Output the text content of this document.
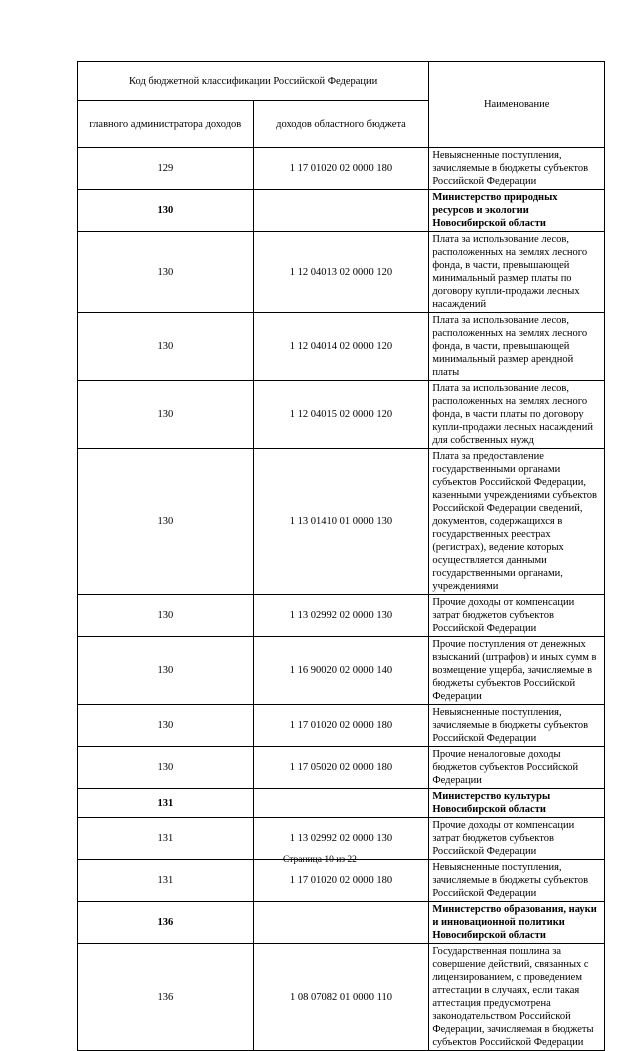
Код бюджетной классификации Российской Федерации		Наименование
главного администратора доходов	доходов областного бюджета	
129	1 17 01020 02 0000 180	Невыясненные поступления, зачисляемые в бюджеты субъектов Российской Федерации
130		Министерство природных ресурсов и экологии Новосибирской области
130	1 12 04013 02 0000 120	Плата за использование лесов, расположенных на землях лесного фонда, в части, превышающей минимальный размер платы по договору купли-продажи лесных насаждений
130	1 12 04014 02 0000 120	Плата за использование лесов, расположенных на землях лесного фонда, в части, превышающей минимальный размер арендной платы
130	1 12 04015 02 0000 120	Плата за использование лесов, расположенных на землях лесного фонда, в части платы по договору купли-продажи лесных насаждений для собственных нужд
130	1 13 01410 01 0000 130	Плата за предоставление государственными органами субъектов Российской Федерации, казенными учреждениями субъектов Российской Федерации сведений, документов, содержащихся в государственных реестрах (регистрах), ведение которых осуществляется данными государственными органами, учреждениями
130	1 13 02992 02 0000 130	Прочие доходы от компенсации затрат бюджетов субъектов Российской Федерации
130	1 16 90020 02 0000 140	Прочие поступления от денежных взысканий (штрафов) и иных сумм в возмещение ущерба, зачисляемые в бюджеты субъектов Российской Федерации
130	1 17 01020 02 0000 180	Невыясненные поступления, зачисляемые в бюджеты субъектов Российской Федерации
130	1 17 05020 02 0000 180	Прочие неналоговые доходы бюджетов субъектов Российской Федерации
131		Министерство культуры Новосибирской области
131	1 13 02992 02 0000 130	Прочие доходы от компенсации затрат бюджетов субъектов Российской Федерации
131	1 17 01020 02 0000 180	Невыясненные поступления, зачисляемые в бюджеты субъектов Российской Федерации
136		Министерство образования, науки и инновационной политики Новосибирской области
136	1 08 07082 01 0000 110	Государственная пошлина за совершение действий, связанных с лицензированием, с проведением аттестации в случаях, если такая аттестация предусмотрена законодательством Российской Федерации, зачисляемая в бюджеты субъектов Российской Федерации
Страница 10 из 22
